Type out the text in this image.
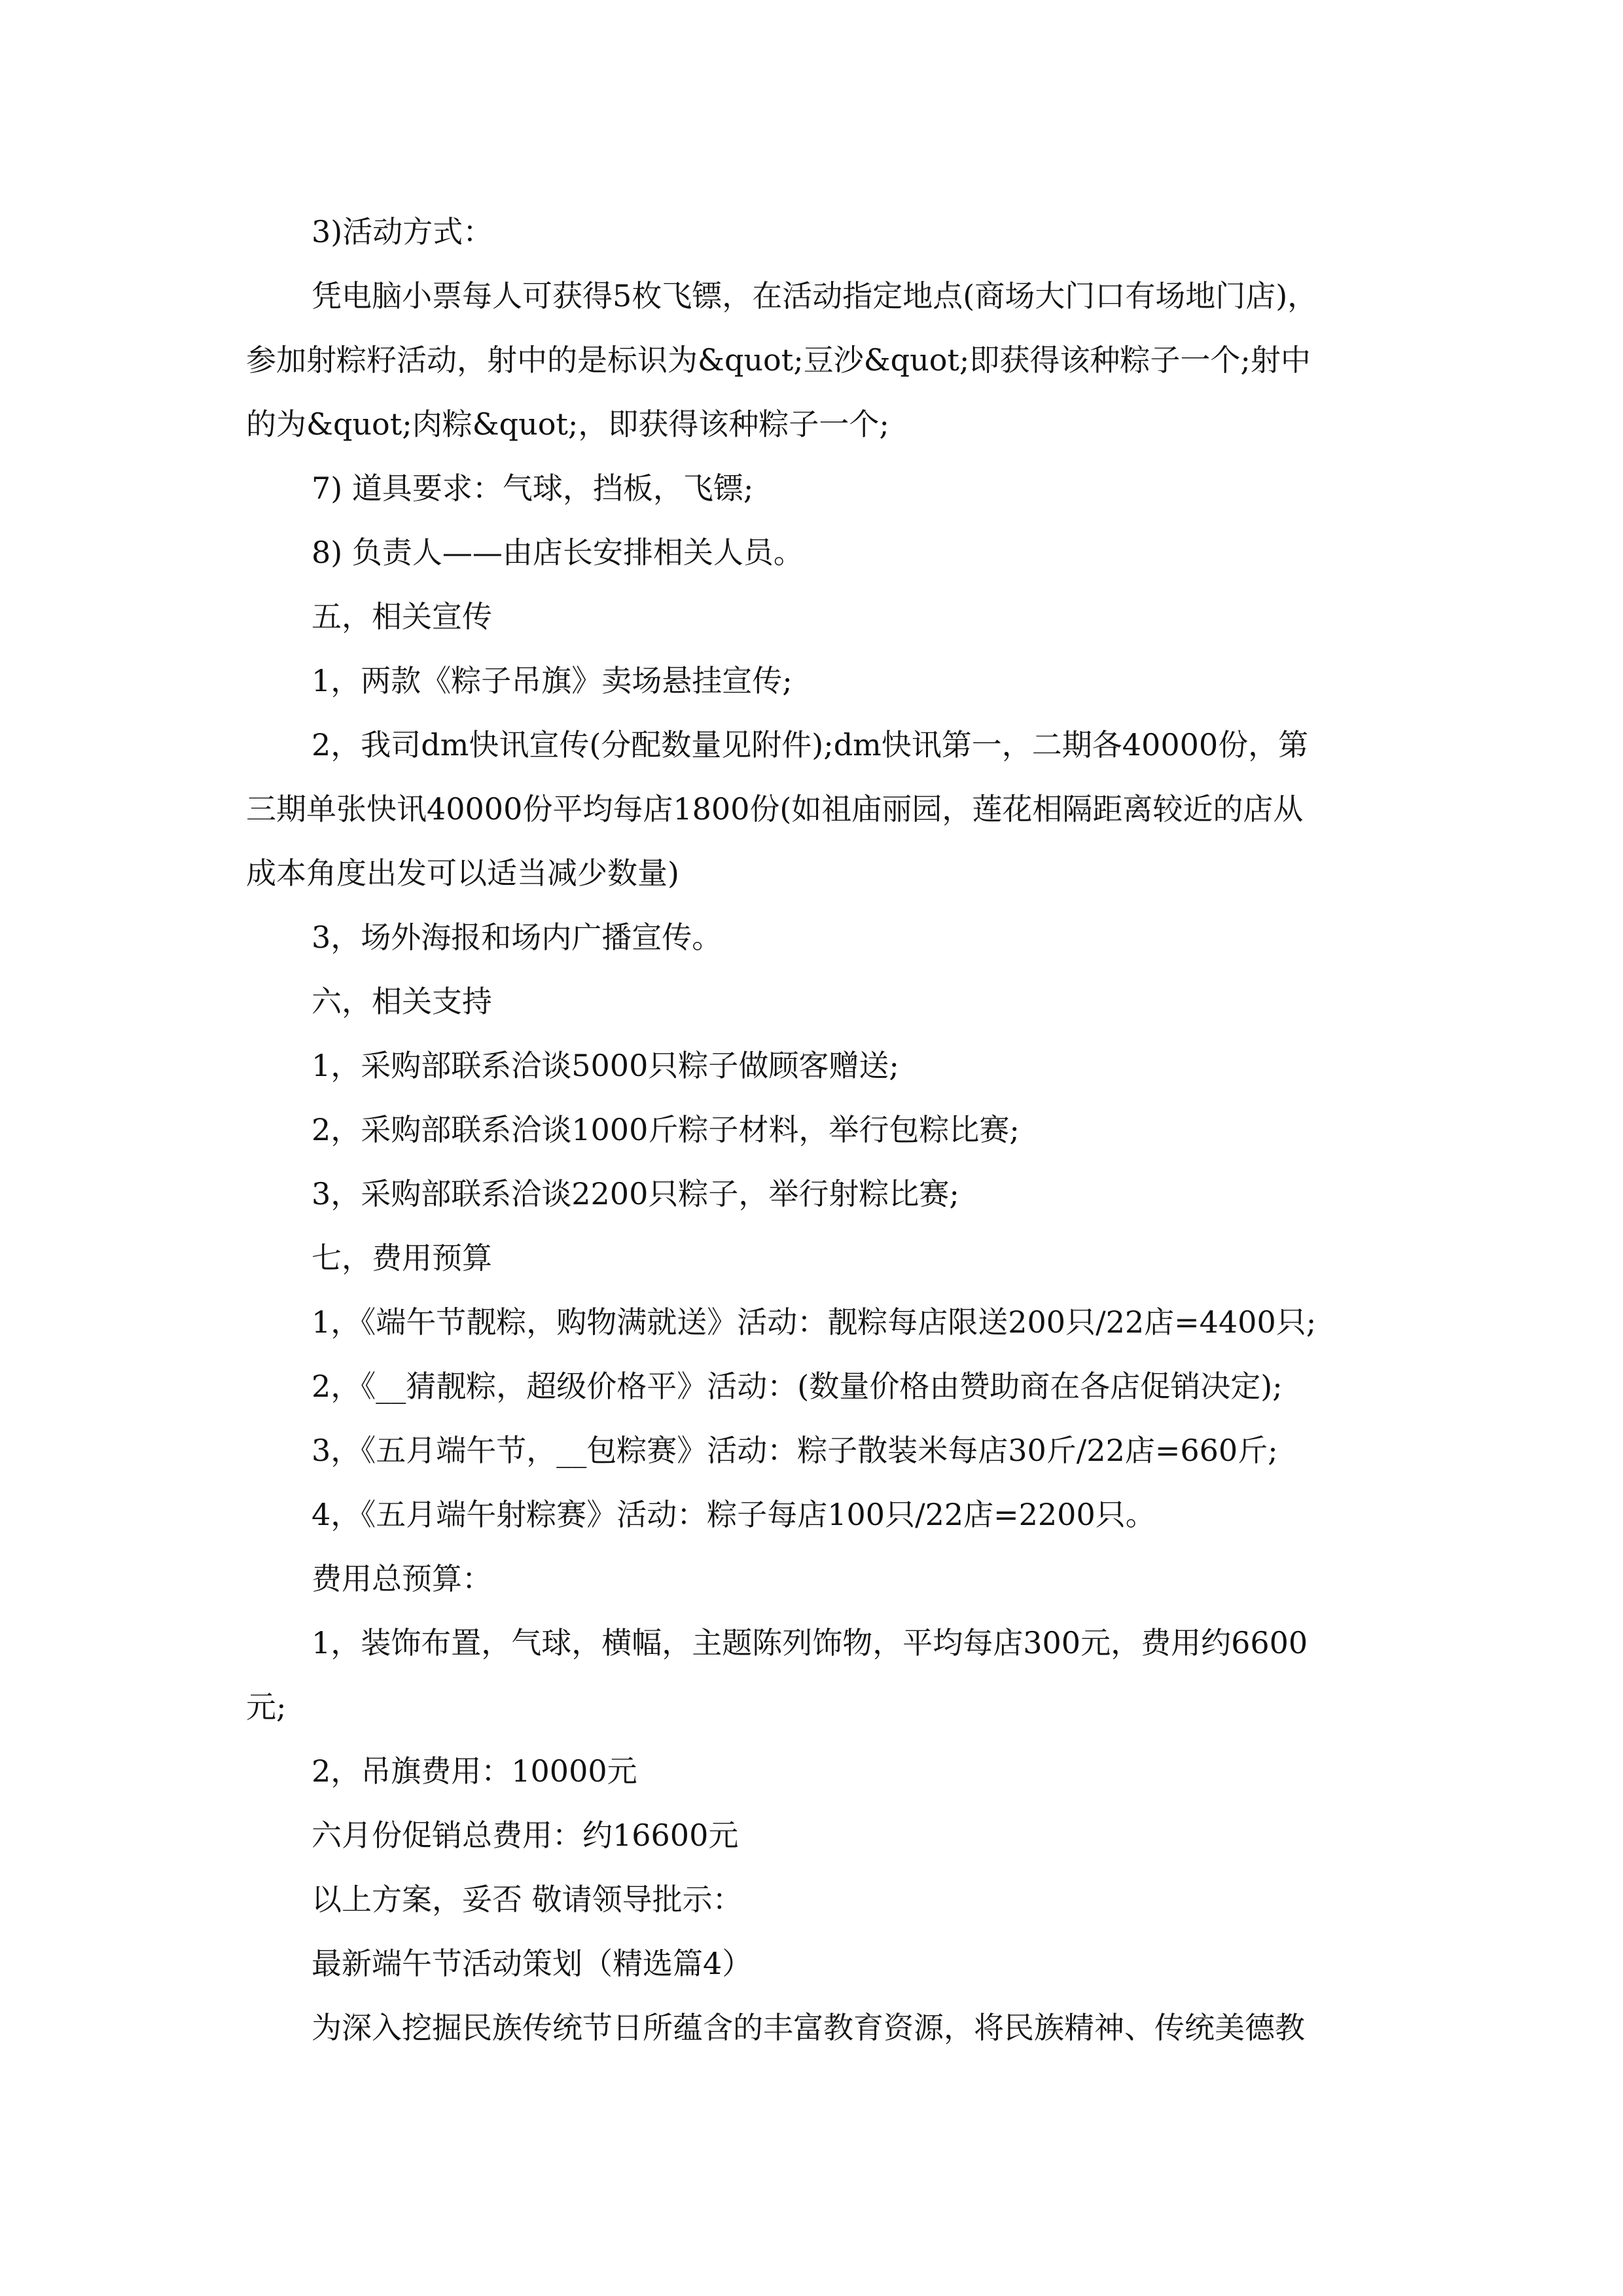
3)活动方式：
凭电脑小票每人可获得5枚飞镖，在活动指定地点(商场大门口有场地门店)，
参加射粽籽活动，射中的是标识为&quot;豆沙&quot;即获得该种粽子一个;射中
的为&quot;肉粽&quot;，即获得该种粽子一个;
7) 道具要求：气球，挡板，飞镖;
8) 负责人——由店长安排相关人员。
五，相关宣传
1，两款《粽子吊旗》卖场悬挂宣传;
2，我司dm快讯宣传(分配数量见附件);dm快讯第一，二期各40000份，第
三期单张快讯40000份平均每店1800份(如祖庙丽园，莲花相隔距离较近的店从
成本角度出发可以适当减少数量)
3，场外海报和场内广播宣传。
六，相关支持
1，采购部联系洽谈5000只粽子做顾客赠送;
2，采购部联系洽谈1000斤粽子材料，举行包粽比赛;
3，采购部联系洽谈2200只粽子，举行射粽比赛;
七，费用预算
1，《端午节靓粽，购物满就送》活动：靓粽每店限送200只/22店=4400只;
2，《__猜靓粽，超级价格平》活动：(数量价格由赞助商在各店促销决定);
3，《五月端午节，__包粽赛》活动：粽子散装米每店30斤/22店=660斤;
4，《五月端午射粽赛》活动：粽子每店100只/22店=2200只。
费用总预算：
1，装饰布置，气球，横幅，主题陈列饰物，平均每店300元，费用约6600
元;
2，吊旗费用：10000元
六月份促销总费用：约16600元
以上方案，妥否 敬请领导批示：
最新端午节活动策划（精选篇4）
为深入挖掘民族传统节日所蕴含的丰富教育资源，将民族精神、传统美德教
